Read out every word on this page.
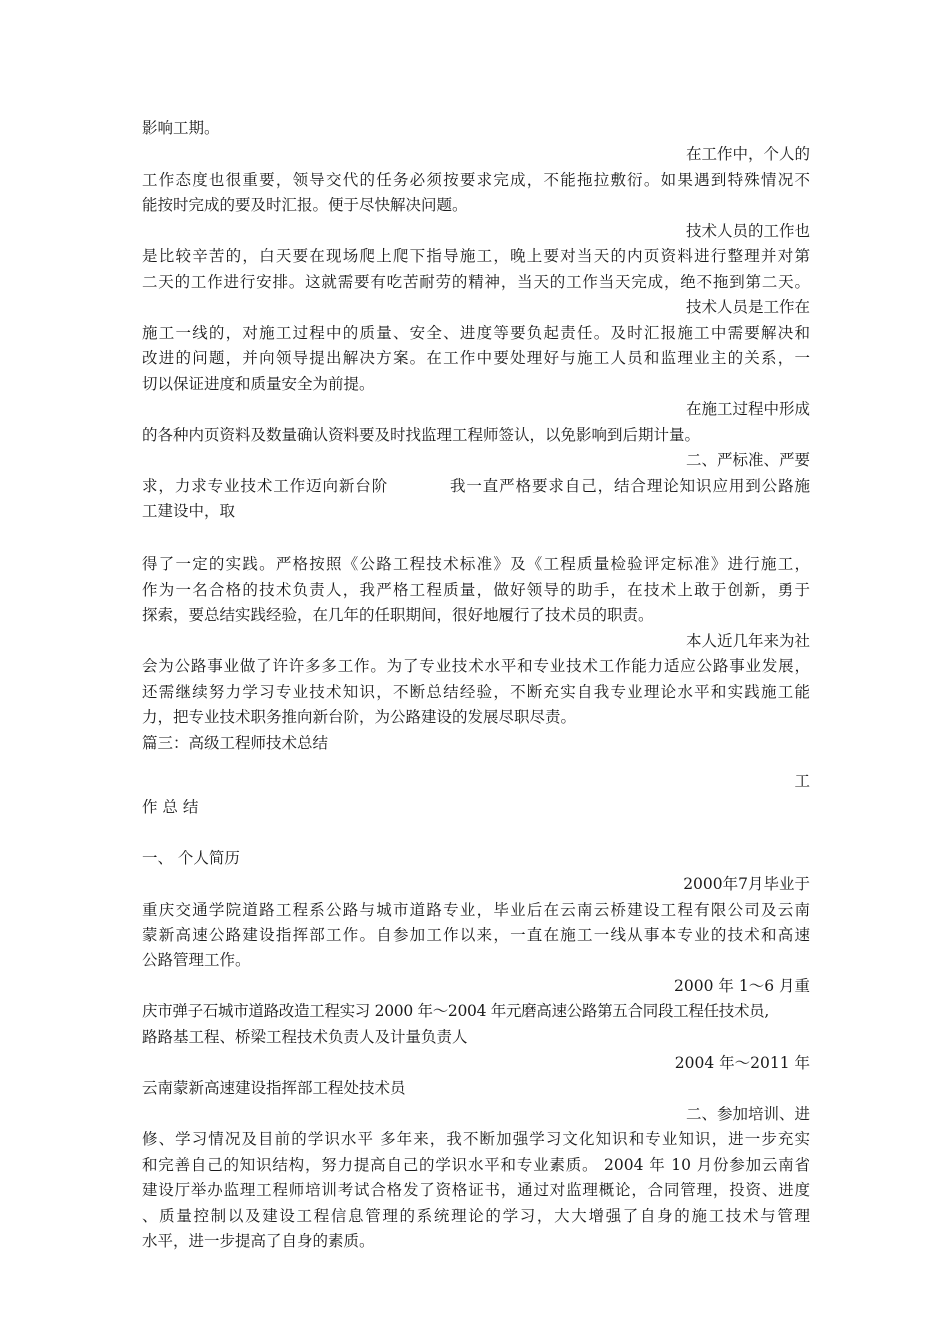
影响工期。
在工作中，个人的
工作态度也很重要，领导交代的任务必须按要求完成，不能拖拉敷衍。如果遇到特殊情况不
能按时完成的要及时汇报。便于尽快解决问题。
技术人员的工作也
是比较辛苦的，白天要在现场爬上爬下指导施工，晚上要对当天的内页资料进行整理并对第
二天的工作进行安排。这就需要有吃苦耐劳的精神，当天的工作当天完成，绝不拖到第二天。
技术人员是工作在
施工一线的，对施工过程中的质量、安全、进度等要负起责任。及时汇报施工中需要解决和
改进的问题，并向领导提出解决方案。在工作中要处理好与施工人员和监理业主的关系，一
切以保证进度和质量安全为前提。
在施工过程中形成
的各种内页资料及数量确认资料要及时找监理工程师签认，以免影响到后期计量。
二、严标准、严要
求，力求专业技术工作迈向新台阶 我一直严格要求自己，结合理论知识应用到公路施
工建设中，取
得了一定的实践。严格按照《公路工程技术标准》及《工程质量检验评定标准》进行施工，
作为一名合格的技术负责人，我严格工程质量，做好领导的助手，在技术上敢于创新，勇于
探索，要总结实践经验，在几年的任职期间，很好地履行了技术员的职责。
本人近几年来为社
会为公路事业做了许许多多工作。为了专业技术水平和专业技术工作能力适应公路事业发展，
还需继续努力学习专业技术知识，不断总结经验，不断充实自我专业理论水平和实践施工能
力，把专业技术职务推向新台阶，为公路建设的发展尽职尽责。
篇三：高级工程师技术总结
工
作 总 结
一、 个人简历
2000年7月毕业于
重庆交通学院道路工程系公路与城市道路专业，毕业后在云南云桥建设工程有限公司及云南
蒙新高速公路建设指挥部工作。自参加工作以来，一直在施工一线从事本专业的技术和高速
公路管理工作。
2000 年 1～6 月重
庆市弹子石城市道路改造工程实习 2000 年～2004 年元磨高速公路第五合同段工程任技术员,
路路基工程、桥梁工程技术负责人及计量负责人
2004 年～2011 年
云南蒙新高速建设指挥部工程处技术员
二、参加培训、进
修、学习情况及目前的学识水平 多年来，我不断加强学习文化知识和专业知识，进一步充实
和完善自己的知识结构，努力提高自己的学识水平和专业素质。 2004 年 10 月份参加云南省
建设厅举办监理工程师培训考试合格发了资格证书，通过对监理概论，合同管理，投资、进度
、质量控制以及建设工程信息管理的系统理论的学习，大大增强了自身的施工技术与管理
水平，进一步提高了自身的素质。
